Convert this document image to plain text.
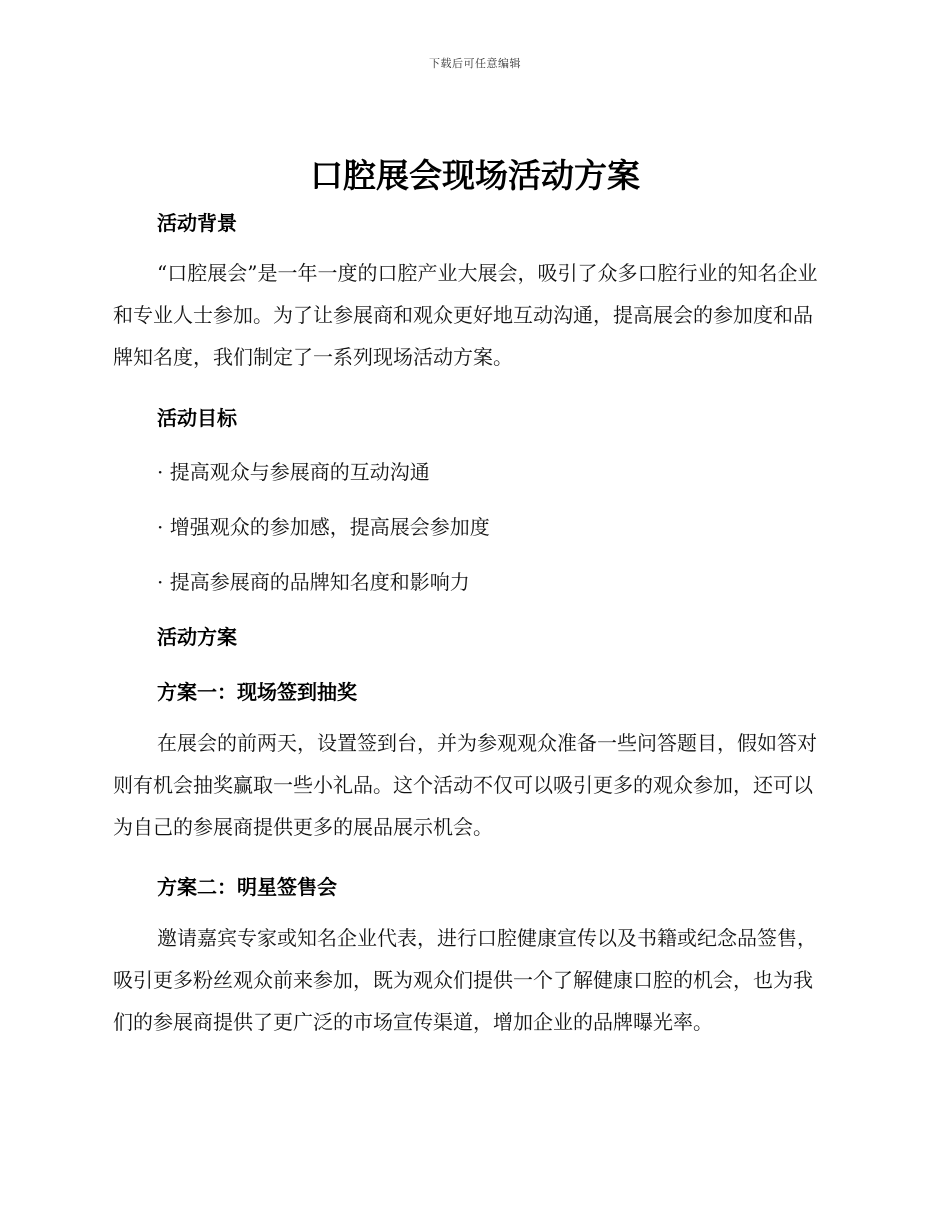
下载后可任意编辑
口腔展会现场活动方案
活动背景

“口腔展会”是一年一度的口腔产业大展会，吸引了众多口腔行业的知名企业和专业人士参加。为了让参展商和观众更好地互动沟通，提高展会的参加度和品牌知名度，我们制定了一系列现场活动方案。

活动目标
· 提高观众与参展商的互动沟通
· 增强观众的参加感，提高展会参加度
· 提高参展商的品牌知名度和影响力
活动方案
方案一：现场签到抽奖

在展会的前两天，设置签到台，并为参观观众准备一些问答题目，假如答对则有机会抽奖赢取一些小礼品。这个活动不仅可以吸引更多的观众参加，还可以为自己的参展商提供更多的展品展示机会。

方案二：明星签售会

邀请嘉宾专家或知名企业代表，进行口腔健康宣传以及书籍或纪念品签售，吸引更多粉丝观众前来参加，既为观众们提供一个了解健康口腔的机会，也为我们的参展商提供了更广泛的市场宣传渠道，增加企业的品牌曝光率。
